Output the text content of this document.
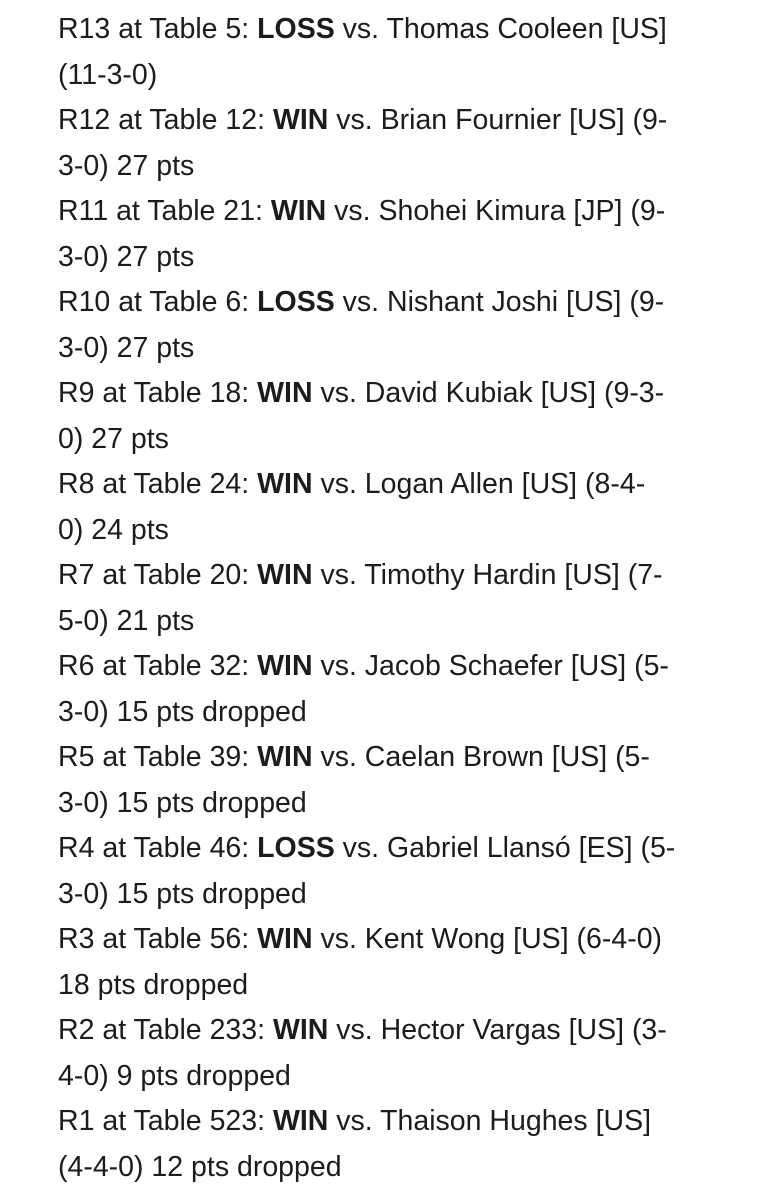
R13 at Table 5: LOSS vs. Thomas Cooleen [US]
(11-3-0)
R12 at Table 12: WIN vs. Brian Fournier [US] (9-
3-0) 27 pts
R11 at Table 21: WIN vs. Shohei Kimura [JP] (9-
3-0) 27 pts
R10 at Table 6: LOSS vs. Nishant Joshi [US] (9-
3-0) 27 pts
R9 at Table 18: WIN vs. David Kubiak [US] (9-3-
0) 27 pts
R8 at Table 24: WIN vs. Logan Allen [US] (8-4-
0) 24 pts
R7 at Table 20: WIN vs. Timothy Hardin [US] (7-
5-0) 21 pts
R6 at Table 32: WIN vs. Jacob Schaefer [US] (5-
3-0) 15 pts dropped
R5 at Table 39: WIN vs. Caelan Brown [US] (5-
3-0) 15 pts dropped
R4 at Table 46: LOSS vs. Gabriel Llansó [ES] (5-
3-0) 15 pts dropped
R3 at Table 56: WIN vs. Kent Wong [US] (6-4-0)
18 pts dropped
R2 at Table 233: WIN vs. Hector Vargas [US] (3-
4-0) 9 pts dropped
R1 at Table 523: WIN vs. Thaison Hughes [US]
(4-4-0) 12 pts dropped
